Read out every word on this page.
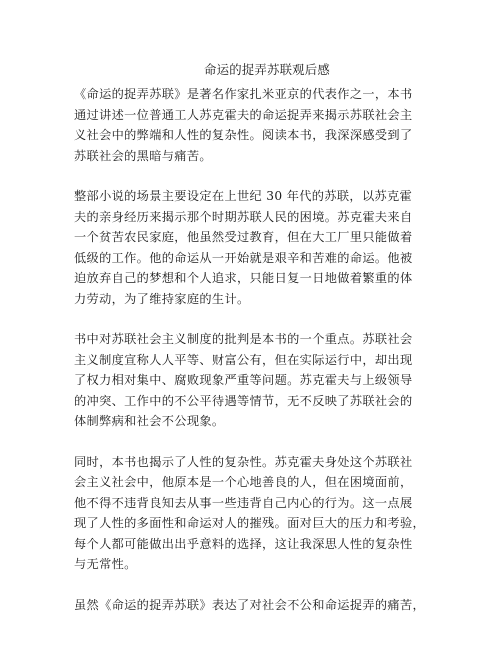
命运的捉弄苏联观后感
《命运的捉弄苏联》是著名作家扎米亚京的代表作之一，本书
通过讲述一位普通工人苏克霍夫的命运捉弄来揭示苏联社会主
义社会中的弊端和人性的复杂性。阅读本书，我深深感受到了
苏联社会的黑暗与痛苦。
整部小说的场景主要设定在上世纪 30 年代的苏联，以苏克霍
夫的亲身经历来揭示那个时期苏联人民的困境。苏克霍夫来自
一个贫苦农民家庭，他虽然受过教育，但在大工厂里只能做着
低级的工作。他的命运从一开始就是艰辛和苦难的命运。他被
迫放弃自己的梦想和个人追求，只能日复一日地做着繁重的体
力劳动，为了维持家庭的生计。
书中对苏联社会主义制度的批判是本书的一个重点。苏联社会
主义制度宣称人人平等、财富公有，但在实际运行中，却出现
了权力相对集中、腐败现象严重等问题。苏克霍夫与上级领导
的冲突、工作中的不公平待遇等情节，无不反映了苏联社会的
体制弊病和社会不公现象。
同时，本书也揭示了人性的复杂性。苏克霍夫身处这个苏联社
会主义社会中，他原本是一个心地善良的人，但在困境面前，
他不得不违背良知去从事一些违背自己内心的行为。这一点展
现了人性的多面性和命运对人的摧残。面对巨大的压力和考验，
每个人都可能做出出乎意料的选择，这让我深思人性的复杂性
与无常性。
虽然《命运的捉弄苏联》表达了对社会不公和命运捉弄的痛苦，
